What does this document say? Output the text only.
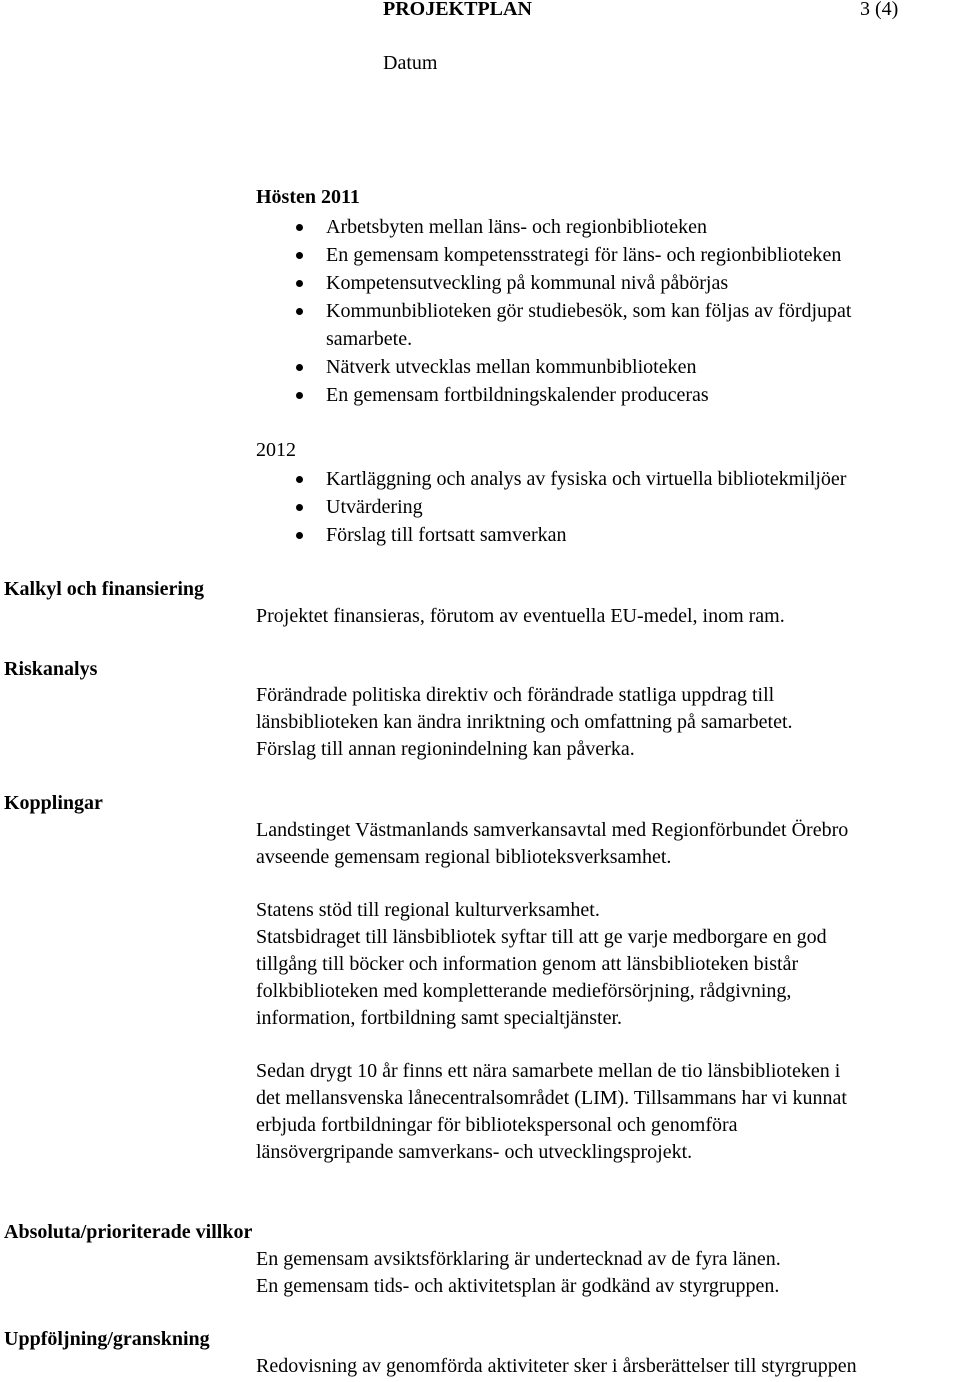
PROJEKTPLAN	3 (4)
Datum
Hösten 2011
Arbetsbyten mellan läns- och regionbiblioteken
En gemensam kompetensstrategi för läns- och regionbiblioteken
Kompetensutveckling på kommunal nivå påbörjas
Kommunbiblioteken gör studiebesök, som kan följas av fördjupat
samarbete.
Nätverk utvecklas mellan kommunbiblioteken
En gemensam fortbildningskalender produceras
2012
Kartläggning och analys av fysiska och virtuella bibliotekmiljöer
Utvärdering
Förslag till fortsatt samverkan
Kalkyl och finansiering
Projektet finansieras, förutom av eventuella EU-medel, inom ram.
Riskanalys
Förändrade politiska direktiv och förändrade statliga uppdrag till
länsbiblioteken kan ändra inriktning och omfattning på samarbetet.
Förslag till annan regionindelning kan påverka.
Kopplingar
Landstinget Västmanlands samverkansavtal med Regionförbundet Örebro
avseende gemensam regional biblioteksverksamhet.
Statens stöd till regional kulturverksamhet.
Statsbidraget till länsbibliotek syftar till att ge varje medborgare en god
tillgång till böcker och information genom att länsbiblioteken bistår
folkbiblioteken med kompletterande medieförsörjning, rådgivning,
information, fortbildning samt specialtjänster.
Sedan drygt 10 år finns ett nära samarbete mellan de tio länsbiblioteken i
det mellansvenska lånecentralsområdet (LIM). Tillsammans har vi kunnat
erbjuda fortbildningar för bibliotekspersonal och genomföra
länsövergripande samverkans- och utvecklingsprojekt.
Absoluta/prioriterade villkor
En gemensam avsiktsförklaring är undertecknad av de fyra länen.
En gemensam tids- och aktivitetsplan är godkänd av styrgruppen.
Uppföljning/granskning
Redovisning av genomförda aktiviteter sker i årsberättelser till styrgruppen
